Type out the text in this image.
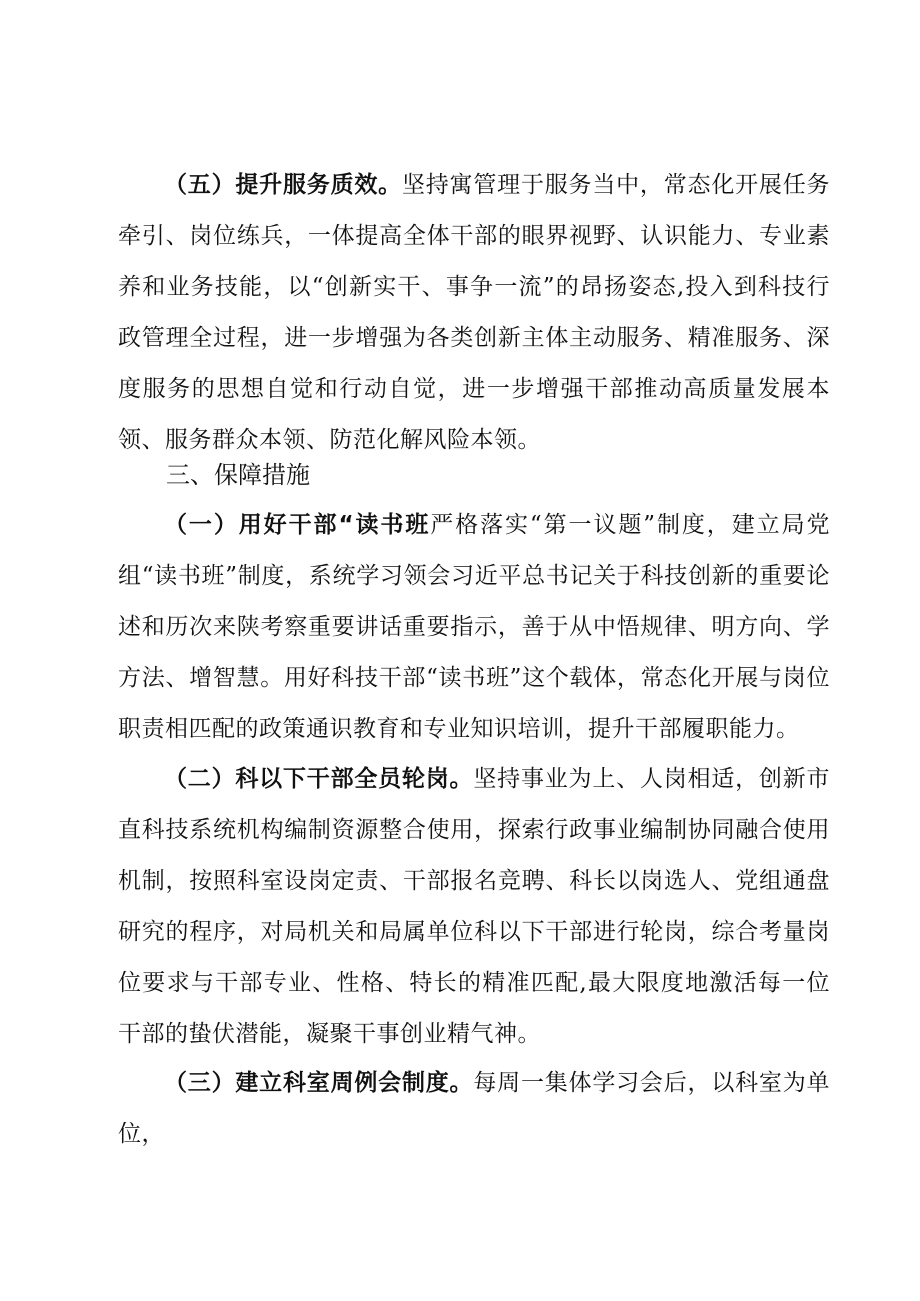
（五）提升服务质效。坚持寓管理于服务当中，常态化开展任务牵引、岗位练兵，一体提高全体干部的眼界视野、认识能力、专业素养和业务技能，以“创新实干、事争一流”的昂扬姿态,投入到科技行政管理全过程，进一步增强为各类创新主体主动服务、精准服务、深度服务的思想自觉和行动自觉，进一步增强干部推动高质量发展本领、服务群众本领、防范化解风险本领。

三、保障措施

（一）用好干部“读书班严格落实“第一议题”制度，建立局党组“读书班”制度，系统学习领会习近平总书记关于科技创新的重要论述和历次来陕考察重要讲话重要指示，善于从中悟规律、明方向、学方法、增智慧。用好科技干部“读书班”这个载体，常态化开展与岗位职责相匹配的政策通识教育和专业知识培训，提升干部履职能力。

（二）科以下干部全员轮岗。坚持事业为上、人岗相适，创新市直科技系统机构编制资源整合使用，探索行政事业编制协同融合使用机制，按照科室设岗定责、干部报名竞聘、科长以岗选人、党组通盘研究的程序，对局机关和局属单位科以下干部进行轮岗，综合考量岗位要求与干部专业、性格、特长的精准匹配,最大限度地激活每一位干部的蛰伏潜能，凝聚干事创业精气神。

（三）建立科室周例会制度。每周一集体学习会后，以科室为单位，
